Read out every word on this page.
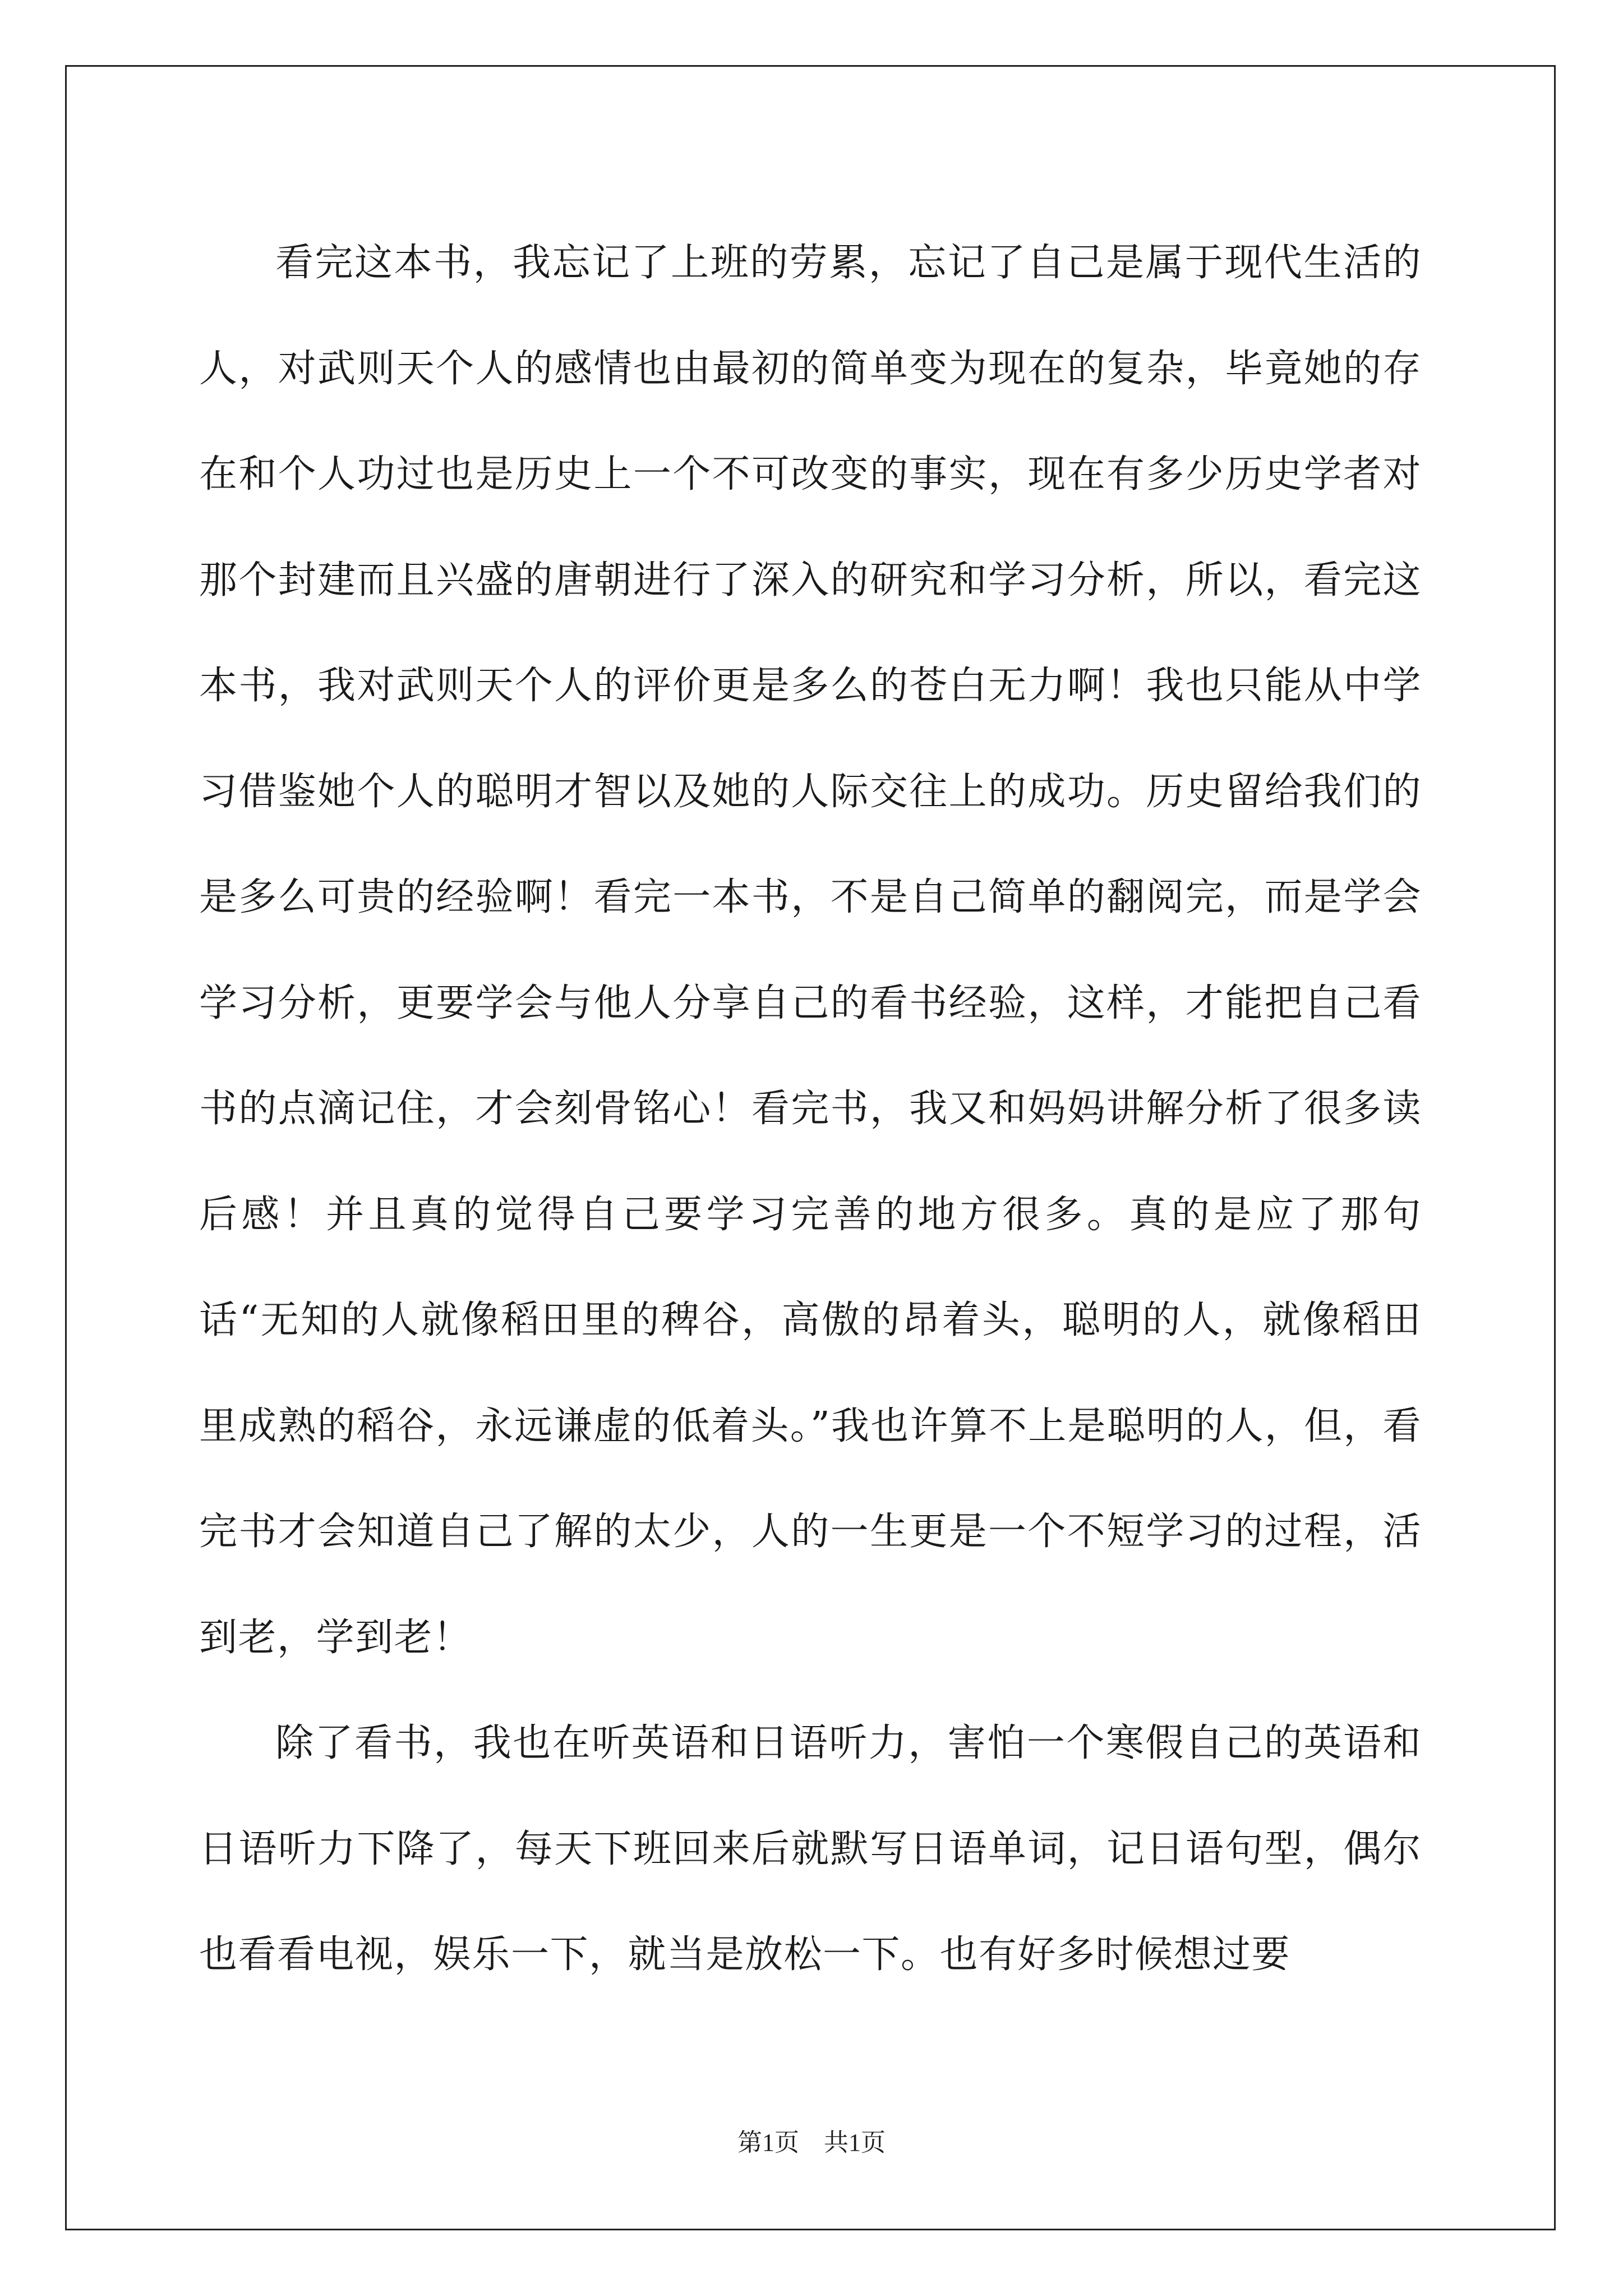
看完这本书，我忘记了上班的劳累，忘记了自己是属于现代生活的人，对武则天个人的感情也由最初的简单变为现在的复杂，毕竟她的存在和个人功过也是历史上一个不可改变的事实，现在有多少历史学者对那个封建而且兴盛的唐朝进行了深入的研究和学习分析，所以，看完这本书，我对武则天个人的评价更是多么的苍白无力啊！我也只能从中学习借鉴她个人的聪明才智以及她的人际交往上的成功。历史留给我们的是多么可贵的经验啊！看完一本书，不是自己简单的翻阅完，而是学会学习分析，更要学会与他人分享自己的看书经验，这样，才能把自己看书的点滴记住，才会刻骨铭心！看完书，我又和妈妈讲解分析了很多读后感！并且真的觉得自己要学习完善的地方很多。真的是应了那句话“无知的人就像稻田里的稗谷，高傲的昂着头，聪明的人，就像稻田里成熟的稻谷，永远谦虚的低着头。”我也许算不上是聪明的人，但，看完书才会知道自己了解的太少，人的一生更是一个不短学习的过程，活到老，学到老！

除了看书，我也在听英语和日语听力，害怕一个寒假自己的英语和日语听力下降了，每天下班回来后就默写日语单词，记日语句型，偶尔也看看电视，娱乐一下，就当是放松一下。也有好多时候想过要

第1页　共1页
